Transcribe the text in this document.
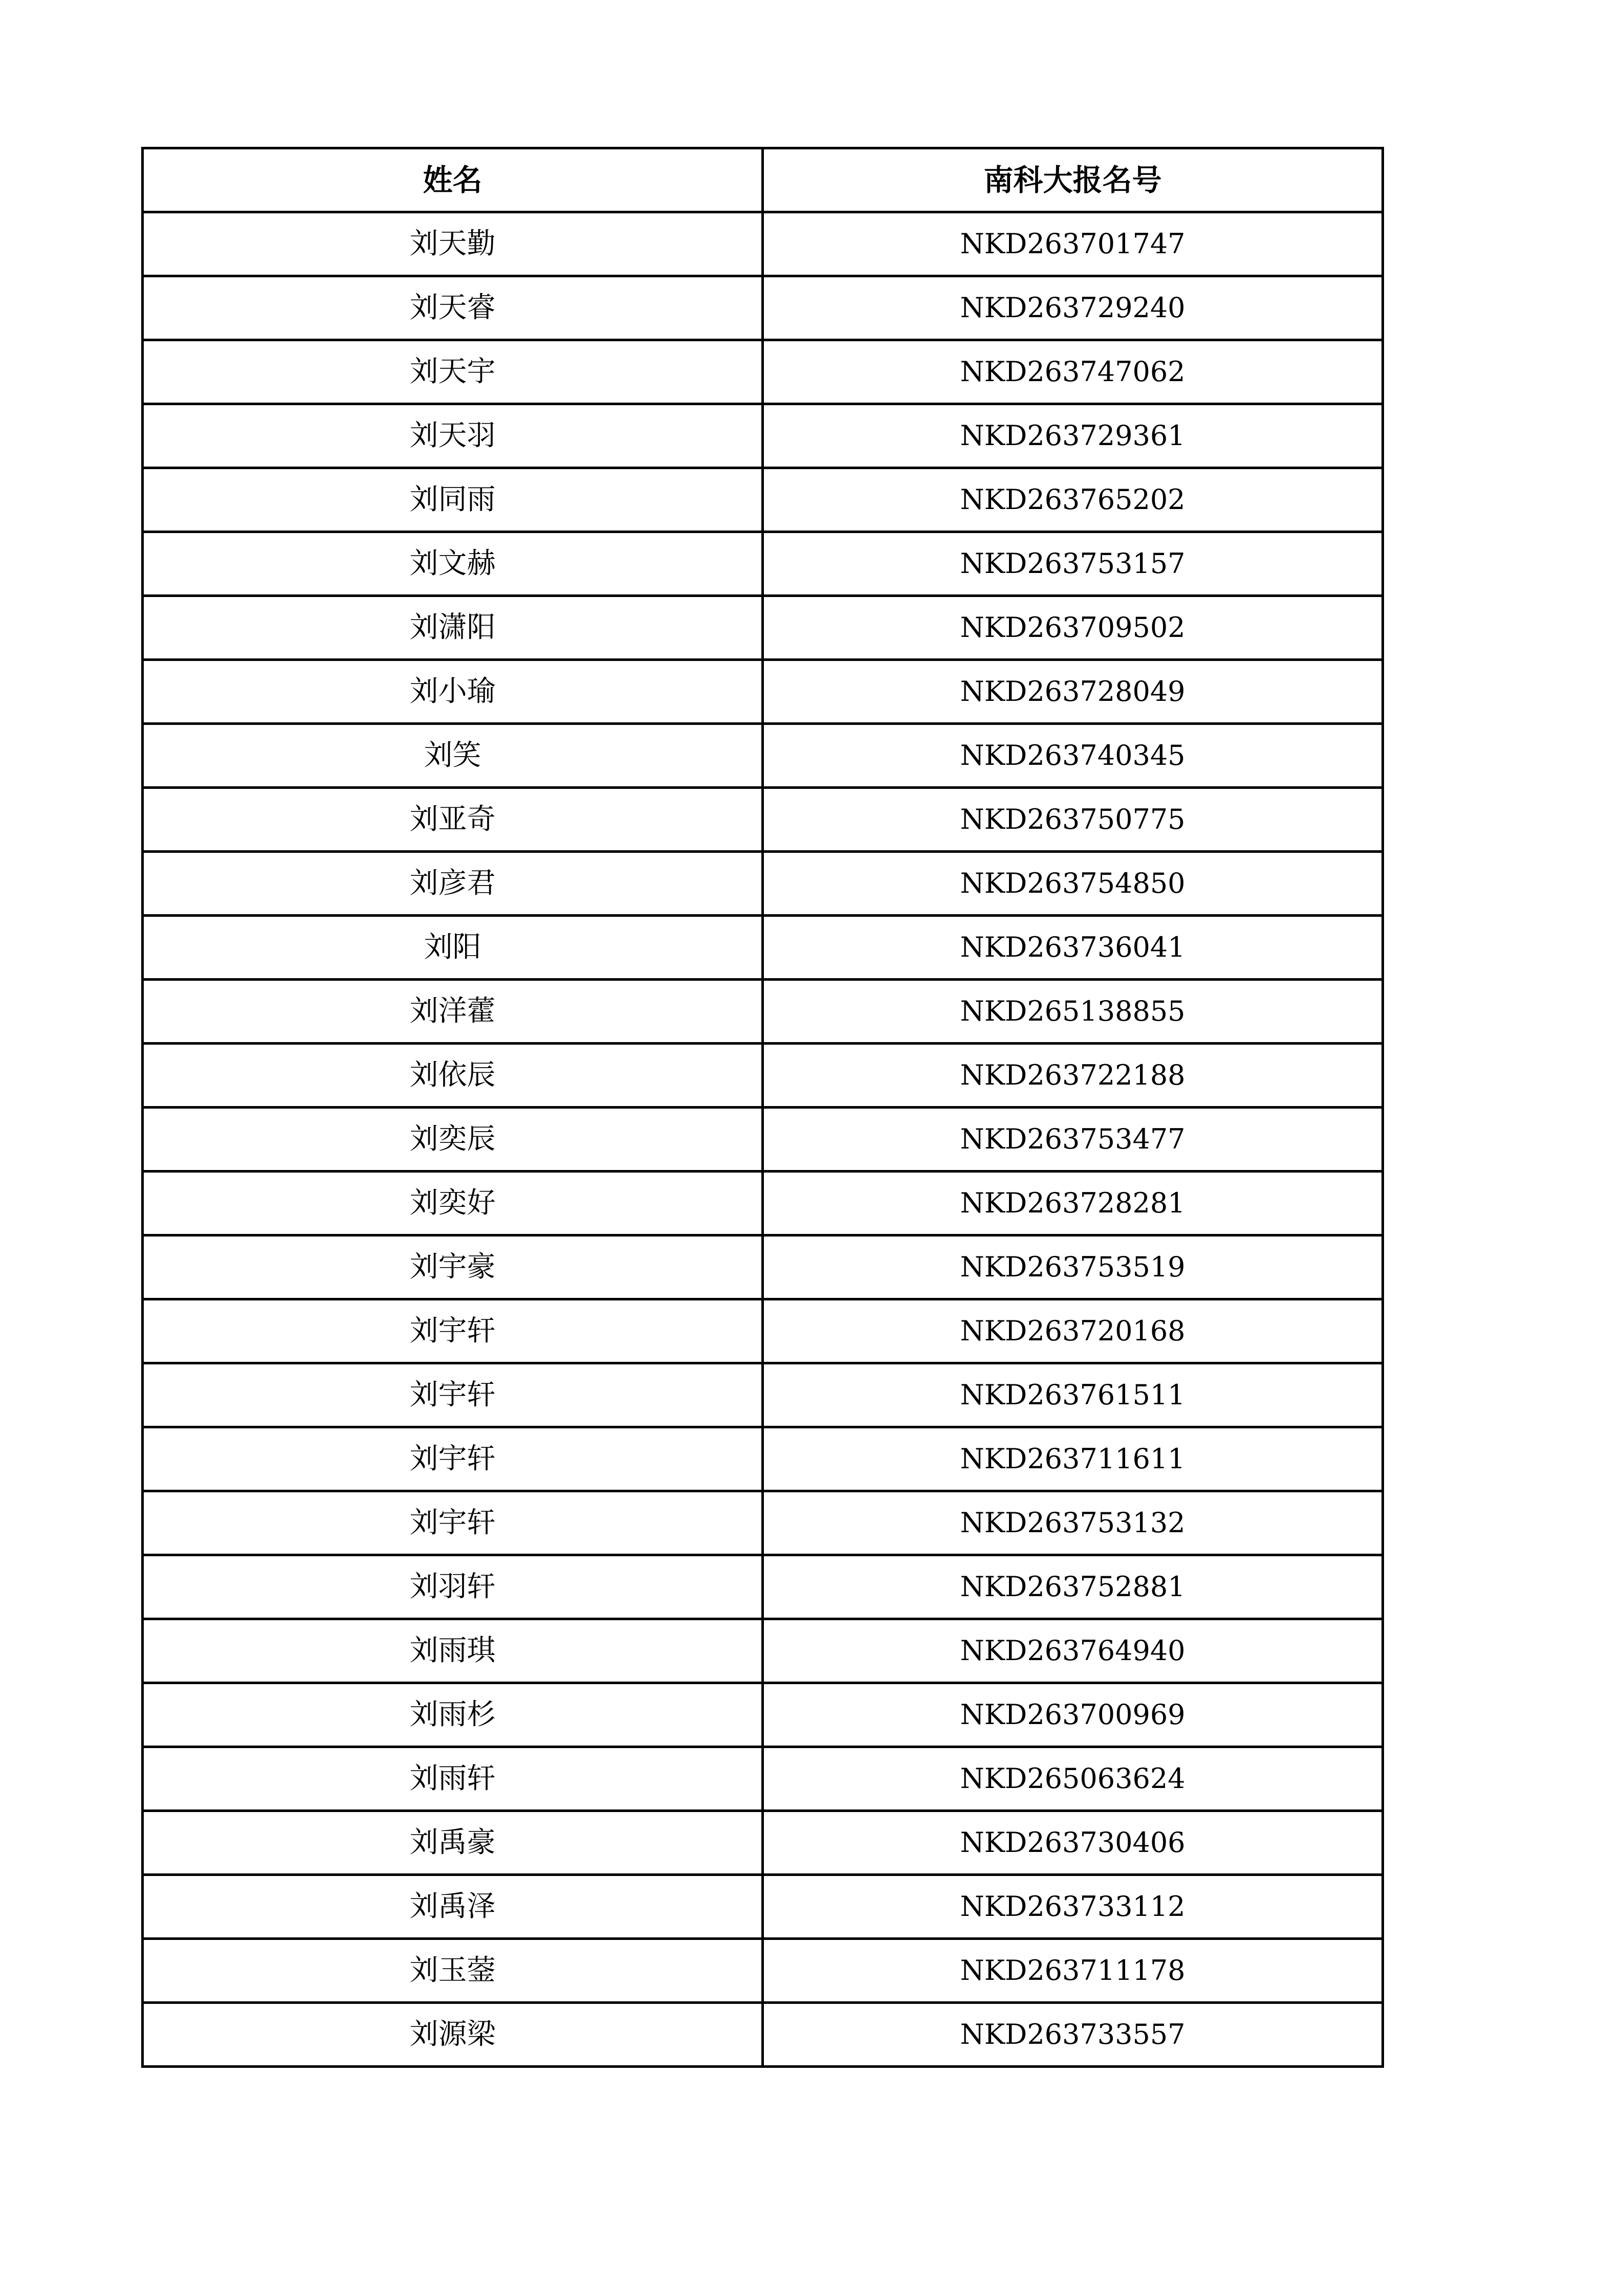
姓名	南科大报名号
刘天勤	NKD263701747
刘天睿	NKD263729240
刘天宇	NKD263747062
刘天羽	NKD263729361
刘同雨	NKD263765202
刘文赫	NKD263753157
刘潇阳	NKD263709502
刘小瑜	NKD263728049
刘笑	NKD263740345
刘亚奇	NKD263750775
刘彦君	NKD263754850
刘阳	NKD263736041
刘洋藿	NKD265138855
刘依辰	NKD263722188
刘奕辰	NKD263753477
刘奕好	NKD263728281
刘宇豪	NKD263753519
刘宇轩	NKD263720168
刘宇轩	NKD263761511
刘宇轩	NKD263711611
刘宇轩	NKD263753132
刘羽轩	NKD263752881
刘雨琪	NKD263764940
刘雨杉	NKD263700969
刘雨轩	NKD265063624
刘禹豪	NKD263730406
刘禹泽	NKD263733112
刘玉蓥	NKD263711178
刘源梁	NKD263733557
